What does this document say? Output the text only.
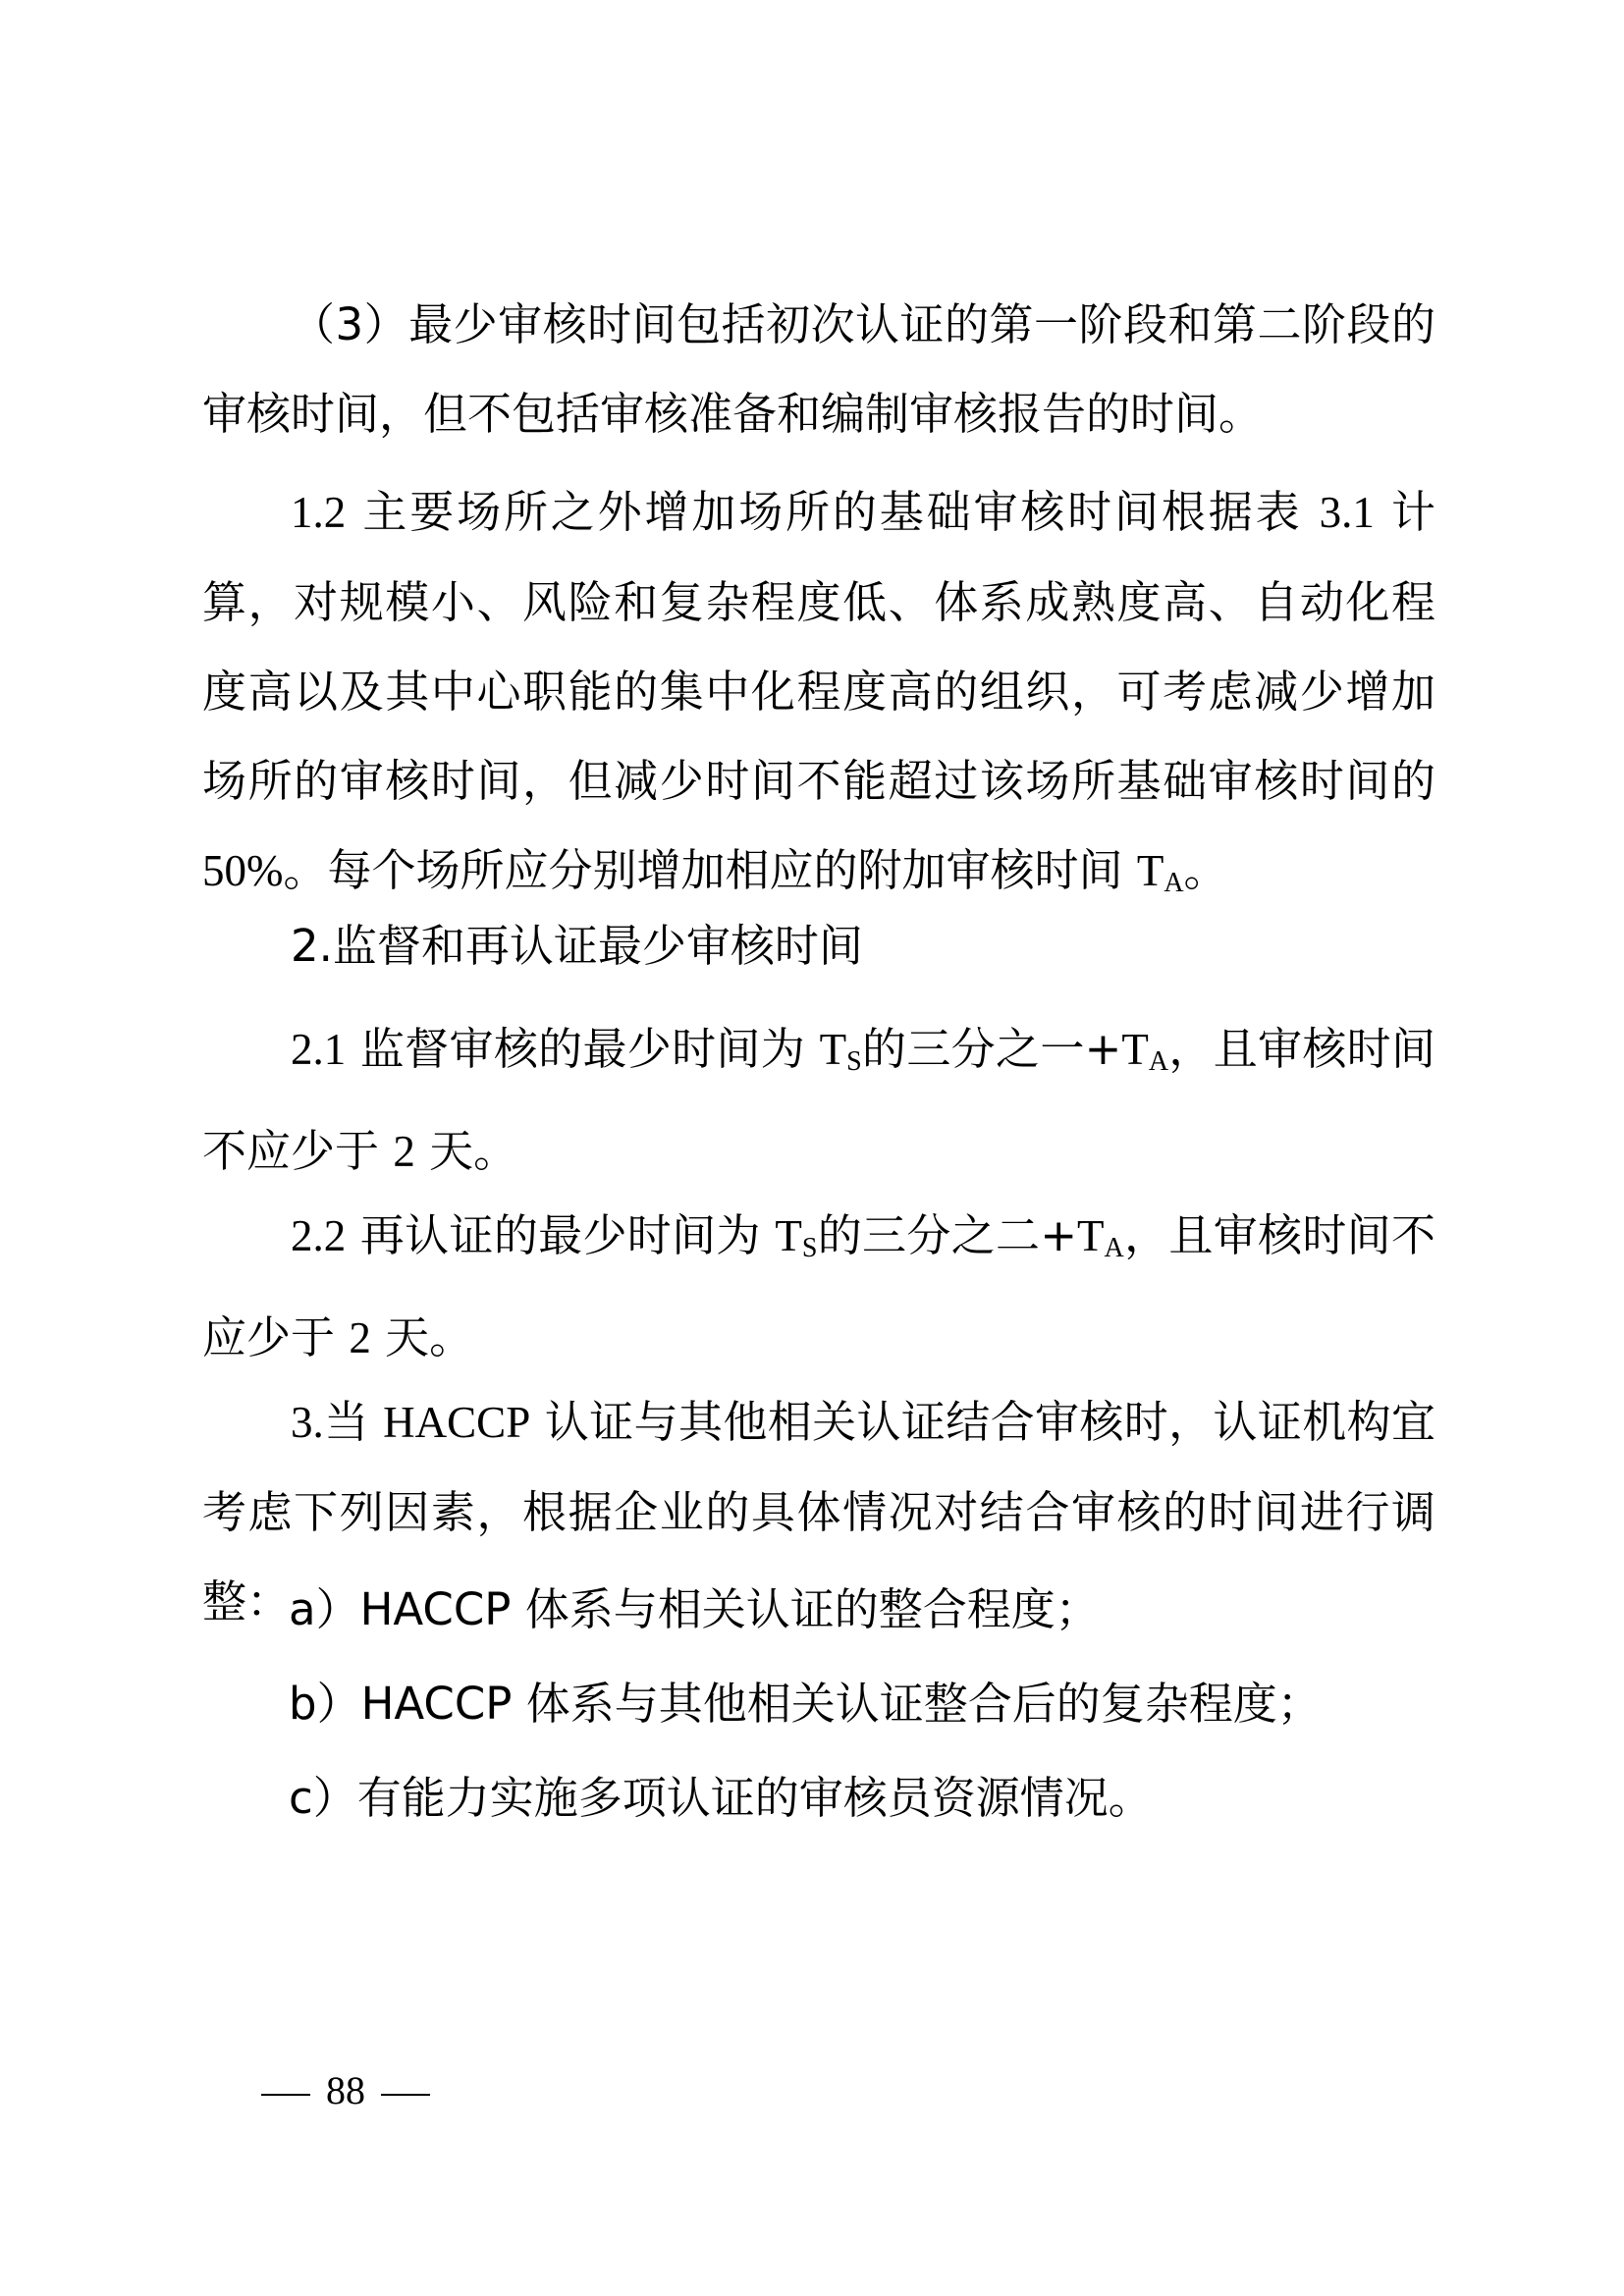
（3）最少审核时间包括初次认证的第一阶段和第二阶段的审核时间，但不包括审核准备和编制审核报告的时间。

1.2 主要场所之外增加场所的基础审核时间根据表 3.1 计算，对规模小、风险和复杂程度低、体系成熟度高、自动化程度高以及其中心职能的集中化程度高的组织，可考虑减少增加场所的审核时间，但减少时间不能超过该场所基础审核时间的 50%。每个场所应分别增加相应的附加审核时间 $T_A$。

2.监督和再认证最少审核时间

2.1 监督审核的最少时间为 $T_S$的三分之一$+T_A$，且审核时间不应少于 2 天。

2.2 再认证的最少时间为 $T_S$的三分之二$+T_A$，且审核时间不应少于 2 天。

3.当 HACCP 认证与其他相关认证结合审核时，认证机构宜考虑下列因素，根据企业的具体情况对结合审核的时间进行调整：

a）HACCP 体系与相关认证的整合程度；

b）HACCP 体系与其他相关认证整合后的复杂程度；

c）有能力实施多项认证的审核员资源情况。

88
